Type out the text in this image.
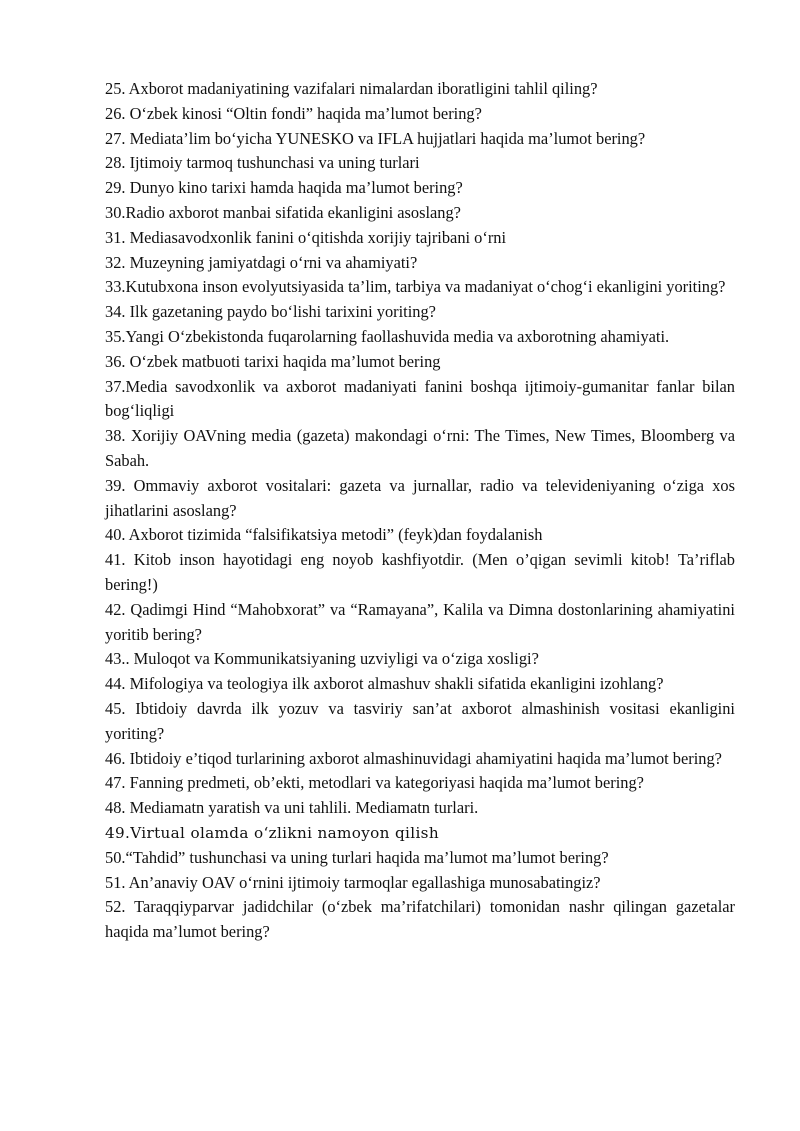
25. Axborot madaniyatining vazifalari nimalardan iboratligini tahlil qiling?

26. O‘zbek kinosi “Oltin fondi” haqida ma’lumot bering?

27. Mediata’lim bo‘yicha YUNESKO va IFLA hujjatlari haqida ma’lumot bering?

28. Ijtimoiy tarmoq tushunchasi va uning turlari

29. Dunyo kino tarixi hamda haqida ma’lumot bering?

30.Radio axborot manbai sifatida ekanligini asoslang?

31. Mediasavodxonlik fanini o‘qitishda xorijiy tajribani o‘rni

32. Muzeyning jamiyatdagi o‘rni va ahamiyati?

33.Kutubxona inson evolyutsiyasida ta’lim, tarbiya va madaniyat o‘chog‘i ekanligini yoriting?

34. Ilk gazetaning paydo bo‘lishi tarixini yoriting?

35.Yangi O‘zbekistonda fuqarolarning faollashuvida media va axborotning ahamiyati.

36. O‘zbek matbuoti tarixi haqida ma’lumot bering

37.Media savodxonlik va axborot madaniyati fanini boshqa ijtimoiy-gumanitar fanlar bilan bog‘liqligi

38. Xorijiy OAVning media (gazeta) makondagi o‘rni: The Times, New Times, Bloomberg va Sabah.

39. Ommaviy axborot vositalari: gazeta va jurnallar, radio va televideniyaning o‘ziga xos jihatlarini asoslang?

40. Axborot tizimida “falsifikatsiya metodi” (feyk)dan foydalanish

41. Kitob inson hayotidagi eng noyob kashfiyotdir. (Men o’qigan sevimli kitob! Ta’riflab bering!)

42. Qadimgi Hind “Mahobxorat” va “Ramayana”, Kalila va Dimna dostonlarining ahamiyatini yoritib bering?

43.. Muloqot va Kommunikatsiyaning uzviyligi va o‘ziga xosligi?

44. Mifologiya va teologiya ilk axborot almashuv shakli sifatida ekanligini izohlang?

45. Ibtidoiy davrda ilk yozuv va tasviriy san’at axborot almashinish vositasi ekanligini yoriting?

46. Ibtidoiy e’tiqod turlarining axborot almashinuvidagi ahamiyatini haqida ma’lumot bering?

47. Fanning predmeti, ob’ekti, metodlari va kategoriyasi haqida ma’lumot bering?

48. Mediamatn yaratish va uni tahlili. Mediamatn turlari.

49.Virtual olamda o‘zlikni namoyon qilish

50.“Tahdid” tushunchasi va uning turlari haqida ma’lumot ma’lumot bering?

51. An’anaviy OAV o‘rnini ijtimoiy tarmoqlar egallashiga munosabatingiz?

52. Taraqqiyparvar jadidchilar (o‘zbek ma’rifatchilari) tomonidan nashr qilingan gazetalar haqida ma’lumot bering?
